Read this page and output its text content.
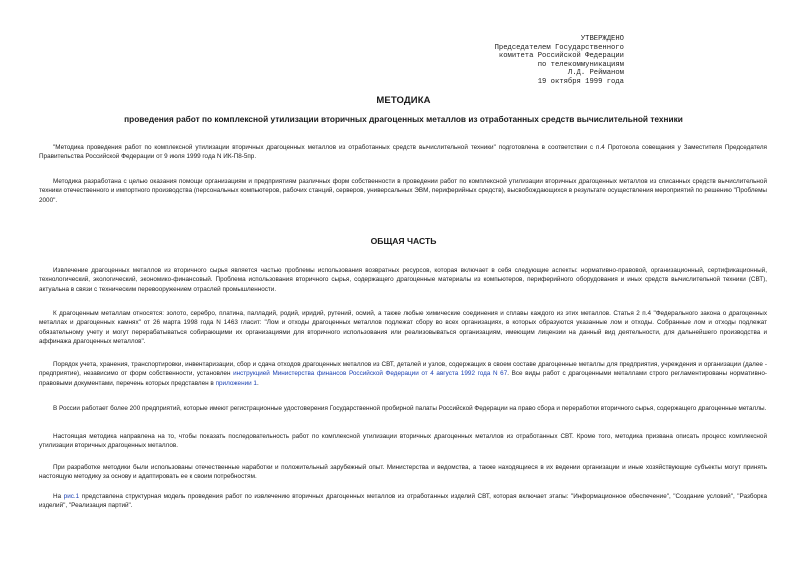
УТВЕРЖДЕНО
Председателем Государственного
комитета Российской Федерации
по телекоммуникациям
Л.Д. Рейманом
19 октября 1999 года
МЕТОДИКА
проведения работ по комплексной утилизации вторичных драгоценных металлов из отработанных средств вычислительной техники

"Методика проведения работ по комплексной утилизации вторичных драгоценных металлов из отработанных средств вычислительной техники" подготовлена в соответствии с п.4 Протокола совещания у Заместителя Председателя Правительства Российской Федерации от 9 июля 1999 года N ИК-П8-5пр.

Методика разработана с целью оказания помощи организациям и предприятиям различных форм собственности в проведении работ по комплексной утилизации вторичных драгоценных металлов из списанных средств вычислительной техники отечественного и импортного производства (персональных компьютеров, рабочих станций, серверов, универсальных ЭВМ, периферийных средств), высвобождающихся в результате осуществления мероприятий по решению "Проблемы 2000".

ОБЩАЯ ЧАСТЬ

Извлечение драгоценных металлов из вторичного сырья является частью проблемы использования возвратных ресурсов, которая включает в себя следующие аспекты: нормативно-правовой, организационный, сертификационный, технологический, экологический, экономико-финансовый. Проблема использования вторичного сырья, содержащего драгоценные материалы из компьютеров, периферийного оборудования и иных средств вычислительной техники (СВТ), актуальна в связи с техническим перевооружением отраслей промышленности.

К драгоценным металлам относятся: золото, серебро, платина, палладий, родий, иридий, рутений, осмий, а также любые химические соединения и сплавы каждого из этих металлов. Статья 2 п.4 "Федерального закона о драгоценных металлах и драгоценных камнях" от 26 марта 1998 года N 1463 гласит: "Лом и отходы драгоценных металлов подлежат сбору во всех организациях, в которых образуются указанные лом и отходы. Собранные лом и отходы подлежат обязательному учету и могут перерабатываться собирающими их организациями для вторичного использования или реализовываться организациям, имеющим лицензии на данный вид деятельности, для дальнейшего производства и аффинажа драгоценных металлов".

Порядок учета, хранения, транспортировки, инвентаризации, сбор и сдача отходов драгоценных металлов из СВТ, деталей и узлов, содержащих в своем составе драгоценные металлы для предприятия, учреждения и организации (далее - предприятие), независимо от форм собственности, установлен инструкцией Министерства финансов Российской Федерации от 4 августа 1992 года N 67. Все виды работ с драгоценными металлами строго регламентированы нормативно-правовыми документами, перечень которых представлен в приложении 1.

В России работает более 200 предприятий, которые имеют регистрационные удостоверения Государственной пробирной палаты Российской Федерации на право сбора и переработки вторичного сырья, содержащего драгоценные металлы.

Настоящая методика направлена на то, чтобы показать последовательность работ по комплексной утилизации вторичных драгоценных металлов из отработанных СВТ. Кроме того, методика призвана описать процесс комплексной утилизации вторичных драгоценных металлов.

При разработке методики были использованы отечественные наработки и положительный зарубежный опыт. Министерства и ведомства, а также находящиеся в их ведении организации и иные хозяйствующие субъекты могут принять настоящую методику за основу и адаптировать ее к своим потребностям.

На рис.1 представлена структурная модель проведения работ по извлечению вторичных драгоценных металлов из отработанных изделий СВТ, которая включает этапы: "Информационное обеспечение", "Создание условий", "Разборка изделий", "Реализация партий".
